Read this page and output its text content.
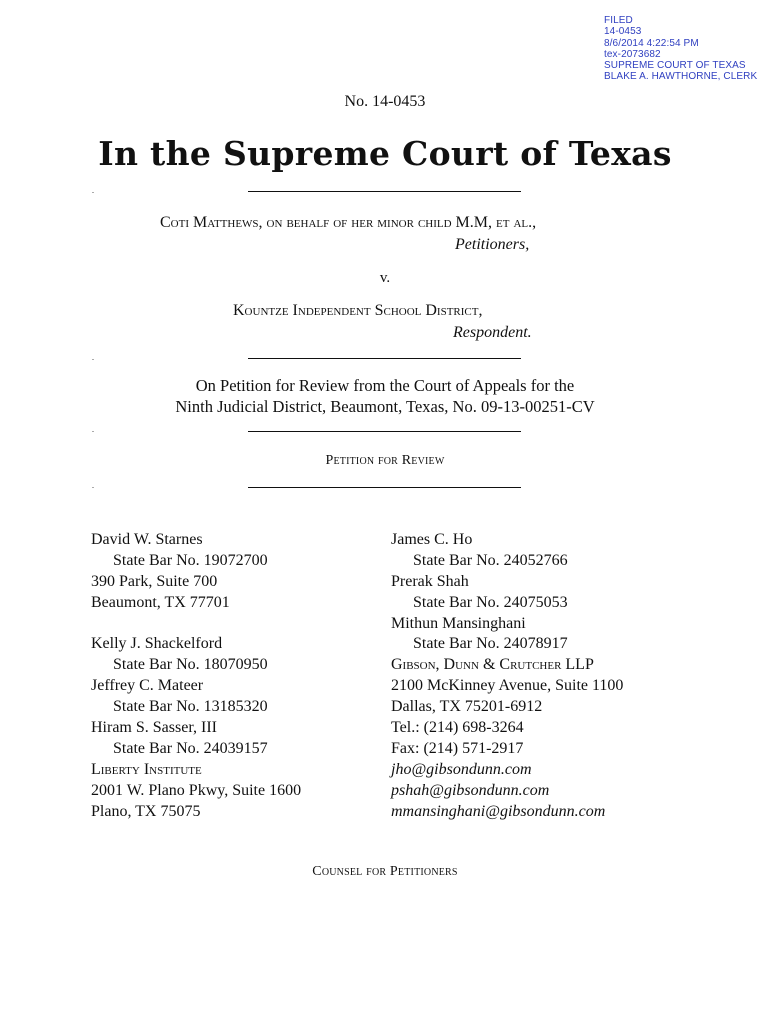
FILED
14-0453
8/6/2014 4:22:54 PM
tex-2073682
SUPREME COURT OF TEXAS
BLAKE A. HAWTHORNE, CLERK
No. 14-0453
In the Supreme Court of Texas
Coti Matthews, on behalf of her minor child M.M, et al.,
Petitioners,
v.
Kountze Independent School District,
Respondent.
On Petition for Review from the Court of Appeals for the
Ninth Judicial District, Beaumont, Texas, No. 09-13-00251-CV
Petition for Review
David W. Starnes
State Bar No. 19072700
390 Park, Suite 700
Beaumont, TX 77701
Kelly J. Shackelford
State Bar No. 18070950
Jeffrey C. Mateer
State Bar No. 13185320
Hiram S. Sasser, III
State Bar No. 24039157
Liberty Institute
2001 W. Plano Pkwy, Suite 1600
Plano, TX 75075
James C. Ho
State Bar No. 24052766
Prerak Shah
State Bar No. 24075053
Mithun Mansinghani
State Bar No. 24078917
Gibson, Dunn & Crutcher LLP
2100 McKinney Avenue, Suite 1100
Dallas, TX 75201-6912
Tel.: (214) 698-3264
Fax: (214) 571-2917
jho@gibsondunn.com
pshah@gibsondunn.com
mmansinghani@gibsondunn.com
Counsel for Petitioners
